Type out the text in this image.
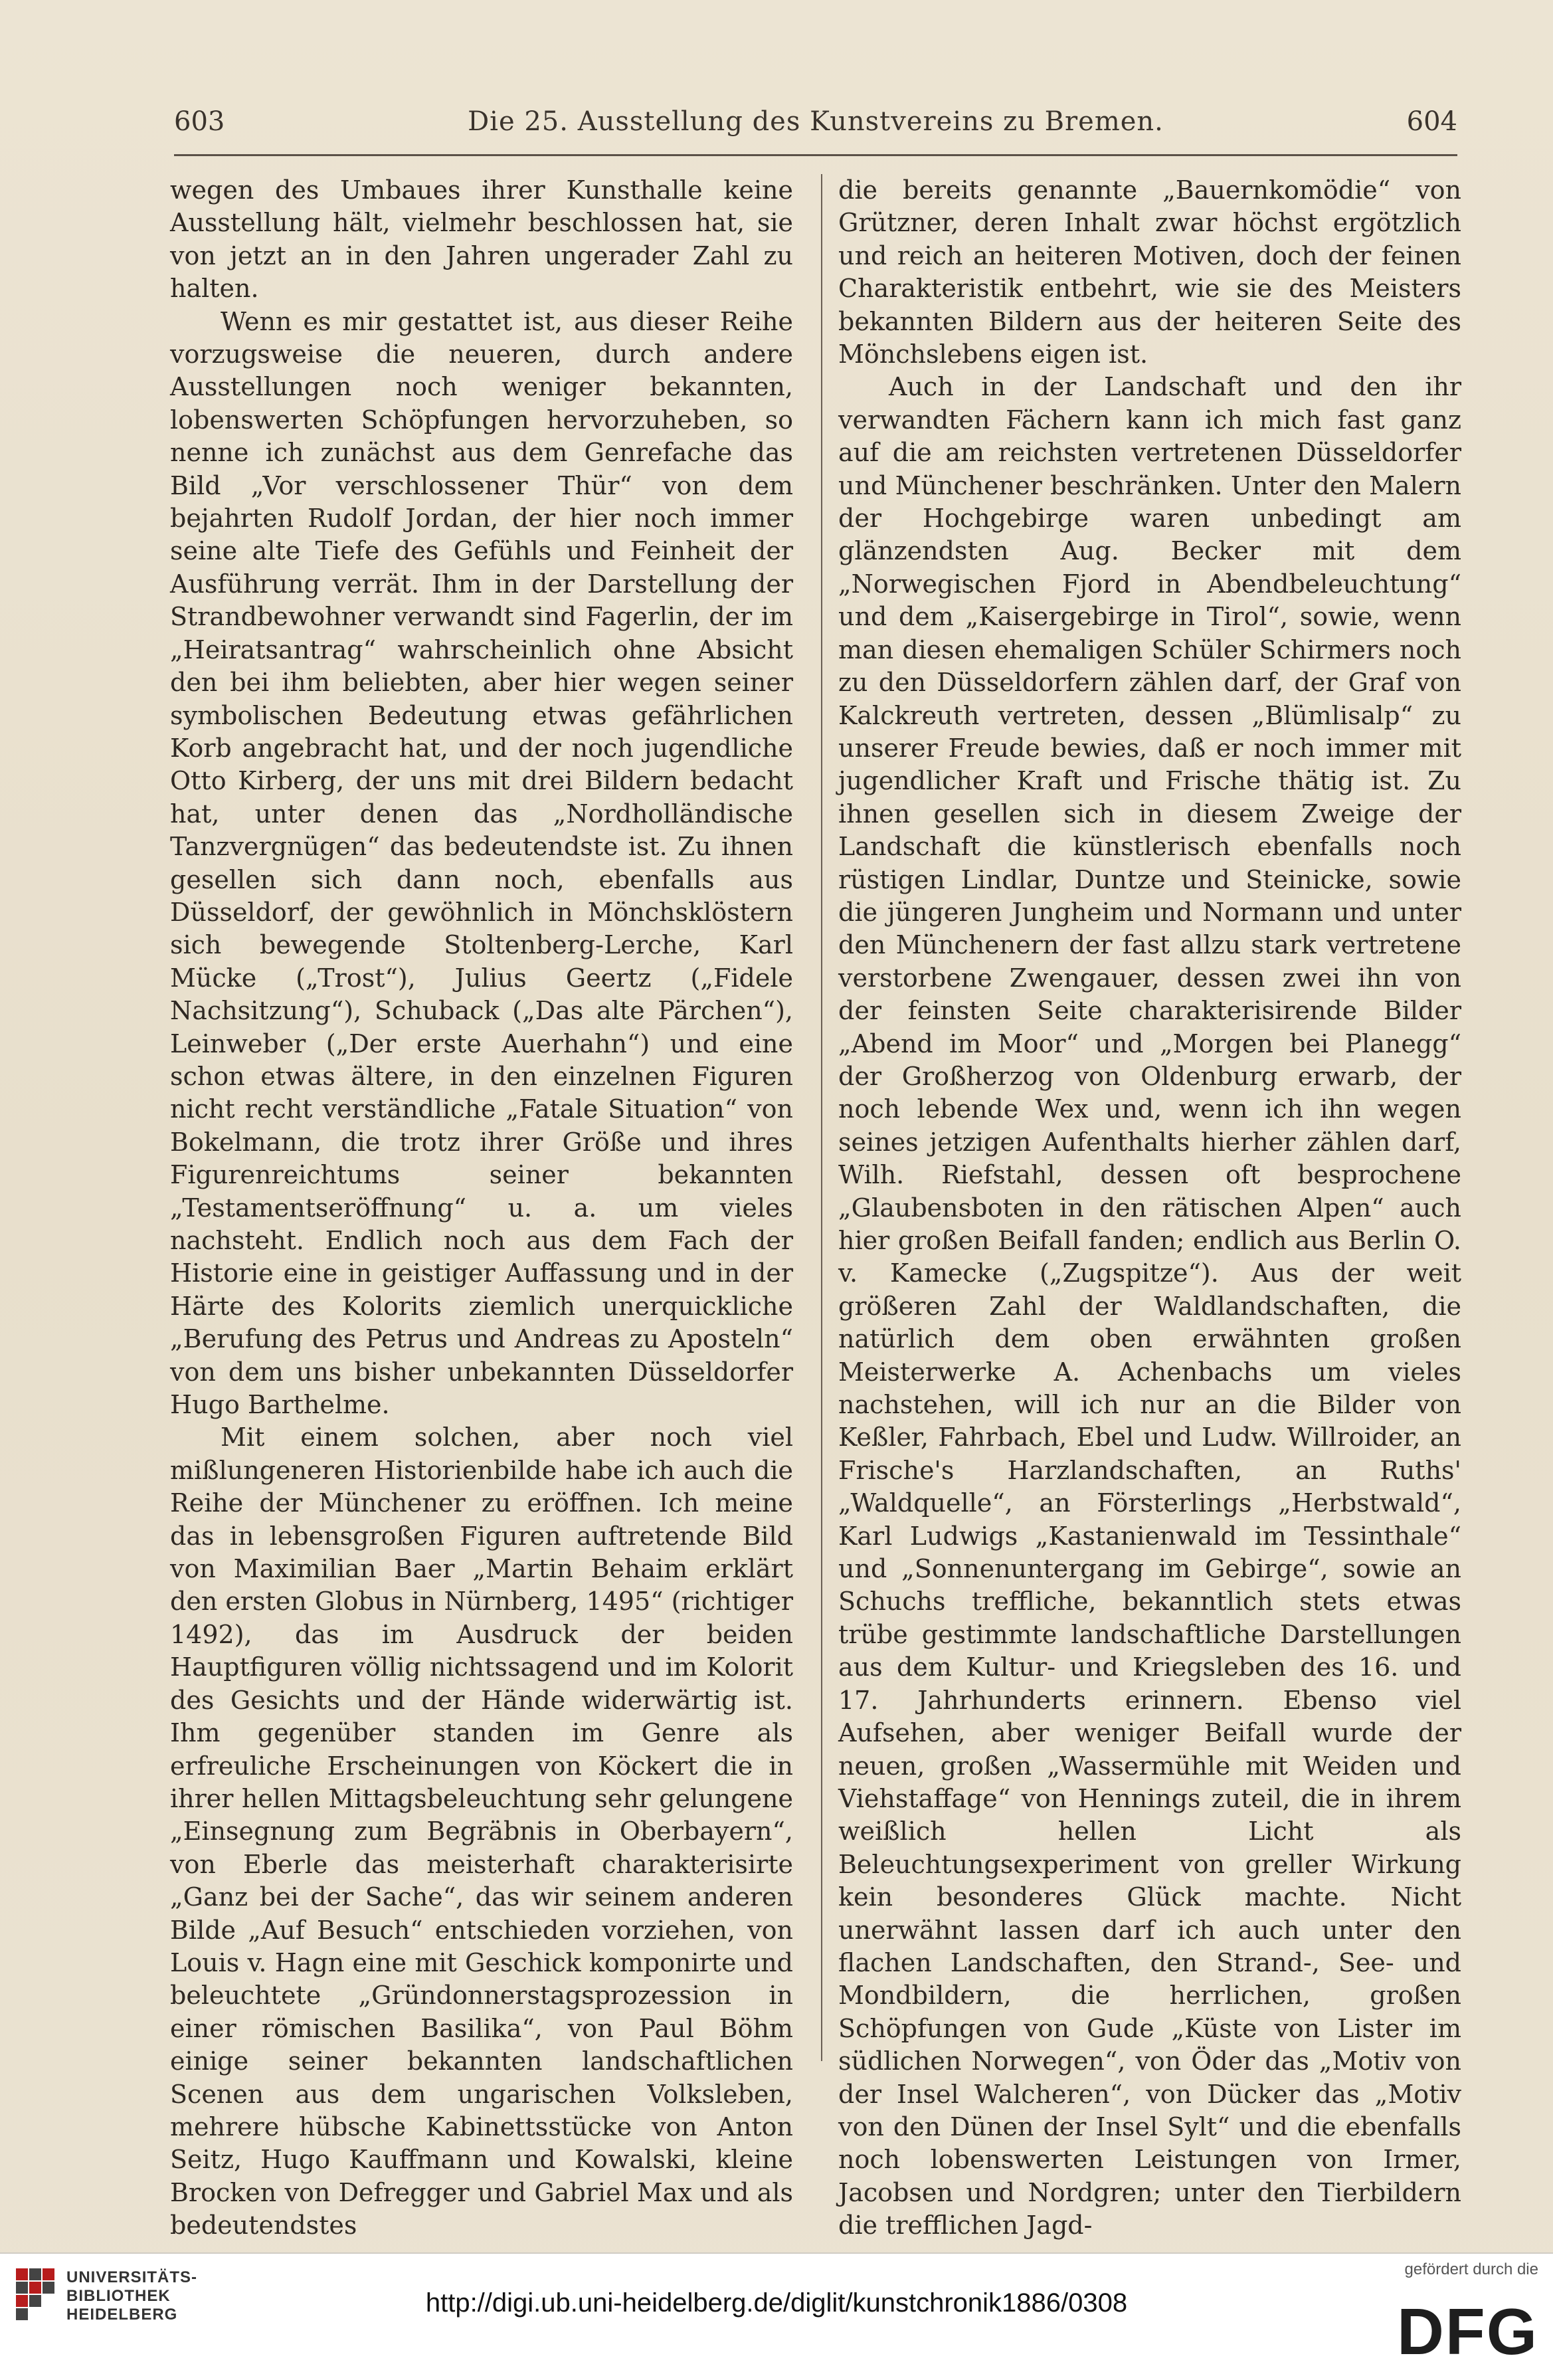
603	Die 25. Ausstellung des Kunstvereins zu Bremen.	604

wegen des Umbaues ihrer Kunsthalle keine Ausstellung hält, vielmehr beschlossen hat, sie von jetzt an in den Jahren ungerader Zahl zu halten.

Wenn es mir gestattet ist, aus dieser Reihe vorzugsweise die neueren, durch andere Ausstellungen noch weniger bekannten, lobenswerten Schöpfungen hervorzuheben, so nenne ich zunächst aus dem Genrefache das Bild „Vor verschlossener Thür“ von dem bejahrten Rudolf Jordan, der hier noch immer seine alte Tiefe des Gefühls und Feinheit der Ausführung verrät. Ihm in der Darstellung der Strandbewohner verwandt sind Fagerlin, der im „Heiratsantrag“ wahrscheinlich ohne Absicht den bei ihm beliebten, aber hier wegen seiner symbolischen Bedeutung etwas gefährlichen Korb angebracht hat, und der noch jugendliche Otto Kirberg, der uns mit drei Bildern bedacht hat, unter denen das „Nordholländische Tanzvergnügen“ das bedeutendste ist. Zu ihnen gesellen sich dann noch, ebenfalls aus Düsseldorf, der gewöhnlich in Mönchsklöstern sich bewegende Stoltenberg-Lerche, Karl Mücke („Trost“), Julius Geertz („Fidele Nachsitzung“), Schuback („Das alte Pärchen“), Leinweber („Der erste Auerhahn“) und eine schon etwas ältere, in den einzelnen Figuren nicht recht verständliche „Fatale Situation“ von Bokelmann, die trotz ihrer Größe und ihres Figurenreichtums seiner bekannten „Testamentseröffnung“ u. a. um vieles nachsteht. Endlich noch aus dem Fach der Historie eine in geistiger Auffassung und in der Härte des Kolorits ziemlich unerquickliche „Berufung des Petrus und Andreas zu Aposteln“ von dem uns bisher unbekannten Düsseldorfer Hugo Barthelme.

Mit einem solchen, aber noch viel mißlungeneren Historienbilde habe ich auch die Reihe der Münchener zu eröffnen. Ich meine das in lebensgroßen Figuren auftretende Bild von Maximilian Baer „Martin Behaim erklärt den ersten Globus in Nürnberg, 1495“ (richtiger 1492), das im Ausdruck der beiden Hauptfiguren völlig nichtssagend und im Kolorit des Gesichts und der Hände widerwärtig ist. Ihm gegenüber standen im Genre als erfreuliche Erscheinungen von Köckert die in ihrer hellen Mittagsbeleuchtung sehr gelungene „Einsegnung zum Begräbnis in Oberbayern“, von Eberle das meisterhaft charakterisirte „Ganz bei der Sache“, das wir seinem anderen Bilde „Auf Besuch“ entschieden vorziehen, von Louis v. Hagn eine mit Geschick komponirte und beleuchtete „Gründonnerstagsprozession in einer römischen Basilika“, von Paul Böhm einige seiner bekannten landschaftlichen Scenen aus dem ungarischen Volksleben, mehrere hübsche Kabinettsstücke von Anton Seitz, Hugo Kauffmann und Kowalski, kleine Brocken von Defregger und Gabriel Max und als bedeutendstes

die bereits genannte „Bauernkomödie“ von Grützner, deren Inhalt zwar höchst ergötzlich und reich an heiteren Motiven, doch der feinen Charakteristik entbehrt, wie sie des Meisters bekannten Bildern aus der heiteren Seite des Mönchslebens eigen ist.

Auch in der Landschaft und den ihr verwandten Fächern kann ich mich fast ganz auf die am reichsten vertretenen Düsseldorfer und Münchener beschränken. Unter den Malern der Hochgebirge waren unbedingt am glänzendsten Aug. Becker mit dem „Norwegischen Fjord in Abendbeleuchtung“ und dem „Kaisergebirge in Tirol“, sowie, wenn man diesen ehemaligen Schüler Schirmers noch zu den Düsseldorfern zählen darf, der Graf von Kalckreuth vertreten, dessen „Blümlisalp“ zu unserer Freude bewies, daß er noch immer mit jugendlicher Kraft und Frische thätig ist. Zu ihnen gesellen sich in diesem Zweige der Landschaft die künstlerisch ebenfalls noch rüstigen Lindlar, Duntze und Steinicke, sowie die jüngeren Jungheim und Normann und unter den Münchenern der fast allzu stark vertretene verstorbene Zwengauer, dessen zwei ihn von der feinsten Seite charakterisirende Bilder „Abend im Moor“ und „Morgen bei Planegg“ der Großherzog von Oldenburg erwarb, der noch lebende Wex und, wenn ich ihn wegen seines jetzigen Aufenthalts hierher zählen darf, Wilh. Riefstahl, dessen oft besprochene „Glaubensboten in den rätischen Alpen“ auch hier großen Beifall fanden; endlich aus Berlin O. v. Kamecke („Zugspitze“). Aus der weit größeren Zahl der Waldlandschaften, die natürlich dem oben erwähnten großen Meisterwerke A. Achenbachs um vieles nachstehen, will ich nur an die Bilder von Keßler, Fahrbach, Ebel und Ludw. Willroider, an Frische's Harzlandschaften, an Ruths' „Waldquelle“, an Försterlings „Herbstwald“, Karl Ludwigs „Kastanienwald im Tessinthale“ und „Sonnenuntergang im Gebirge“, sowie an Schuchs treffliche, bekanntlich stets etwas trübe gestimmte landschaftliche Darstellungen aus dem Kultur- und Kriegsleben des 16. und 17. Jahrhunderts erinnern. Ebenso viel Aufsehen, aber weniger Beifall wurde der neuen, großen „Wassermühle mit Weiden und Viehstaffage“ von Hennings zuteil, die in ihrem weißlich hellen Licht als Beleuchtungsexperiment von greller Wirkung kein besonderes Glück machte. Nicht unerwähnt lassen darf ich auch unter den flachen Landschaften, den Strand-, See- und Mondbildern, die herrlichen, großen Schöpfungen von Gude „Küste von Lister im südlichen Norwegen“, von Öder das „Motiv von der Insel Walcheren“, von Dücker das „Motiv von den Dünen der Insel Sylt“ und die ebenfalls noch lobenswerten Leistungen von Irmer, Jacobsen und Nordgren; unter den Tierbildern die trefflichen Jagd-

UNIVERSITÄTS-
BIBLIOTHEK
HEIDELBERG	http://digi.ub.uni-heidelberg.de/diglit/kunstchronik1886/0308
gefördert durch die
DFG
